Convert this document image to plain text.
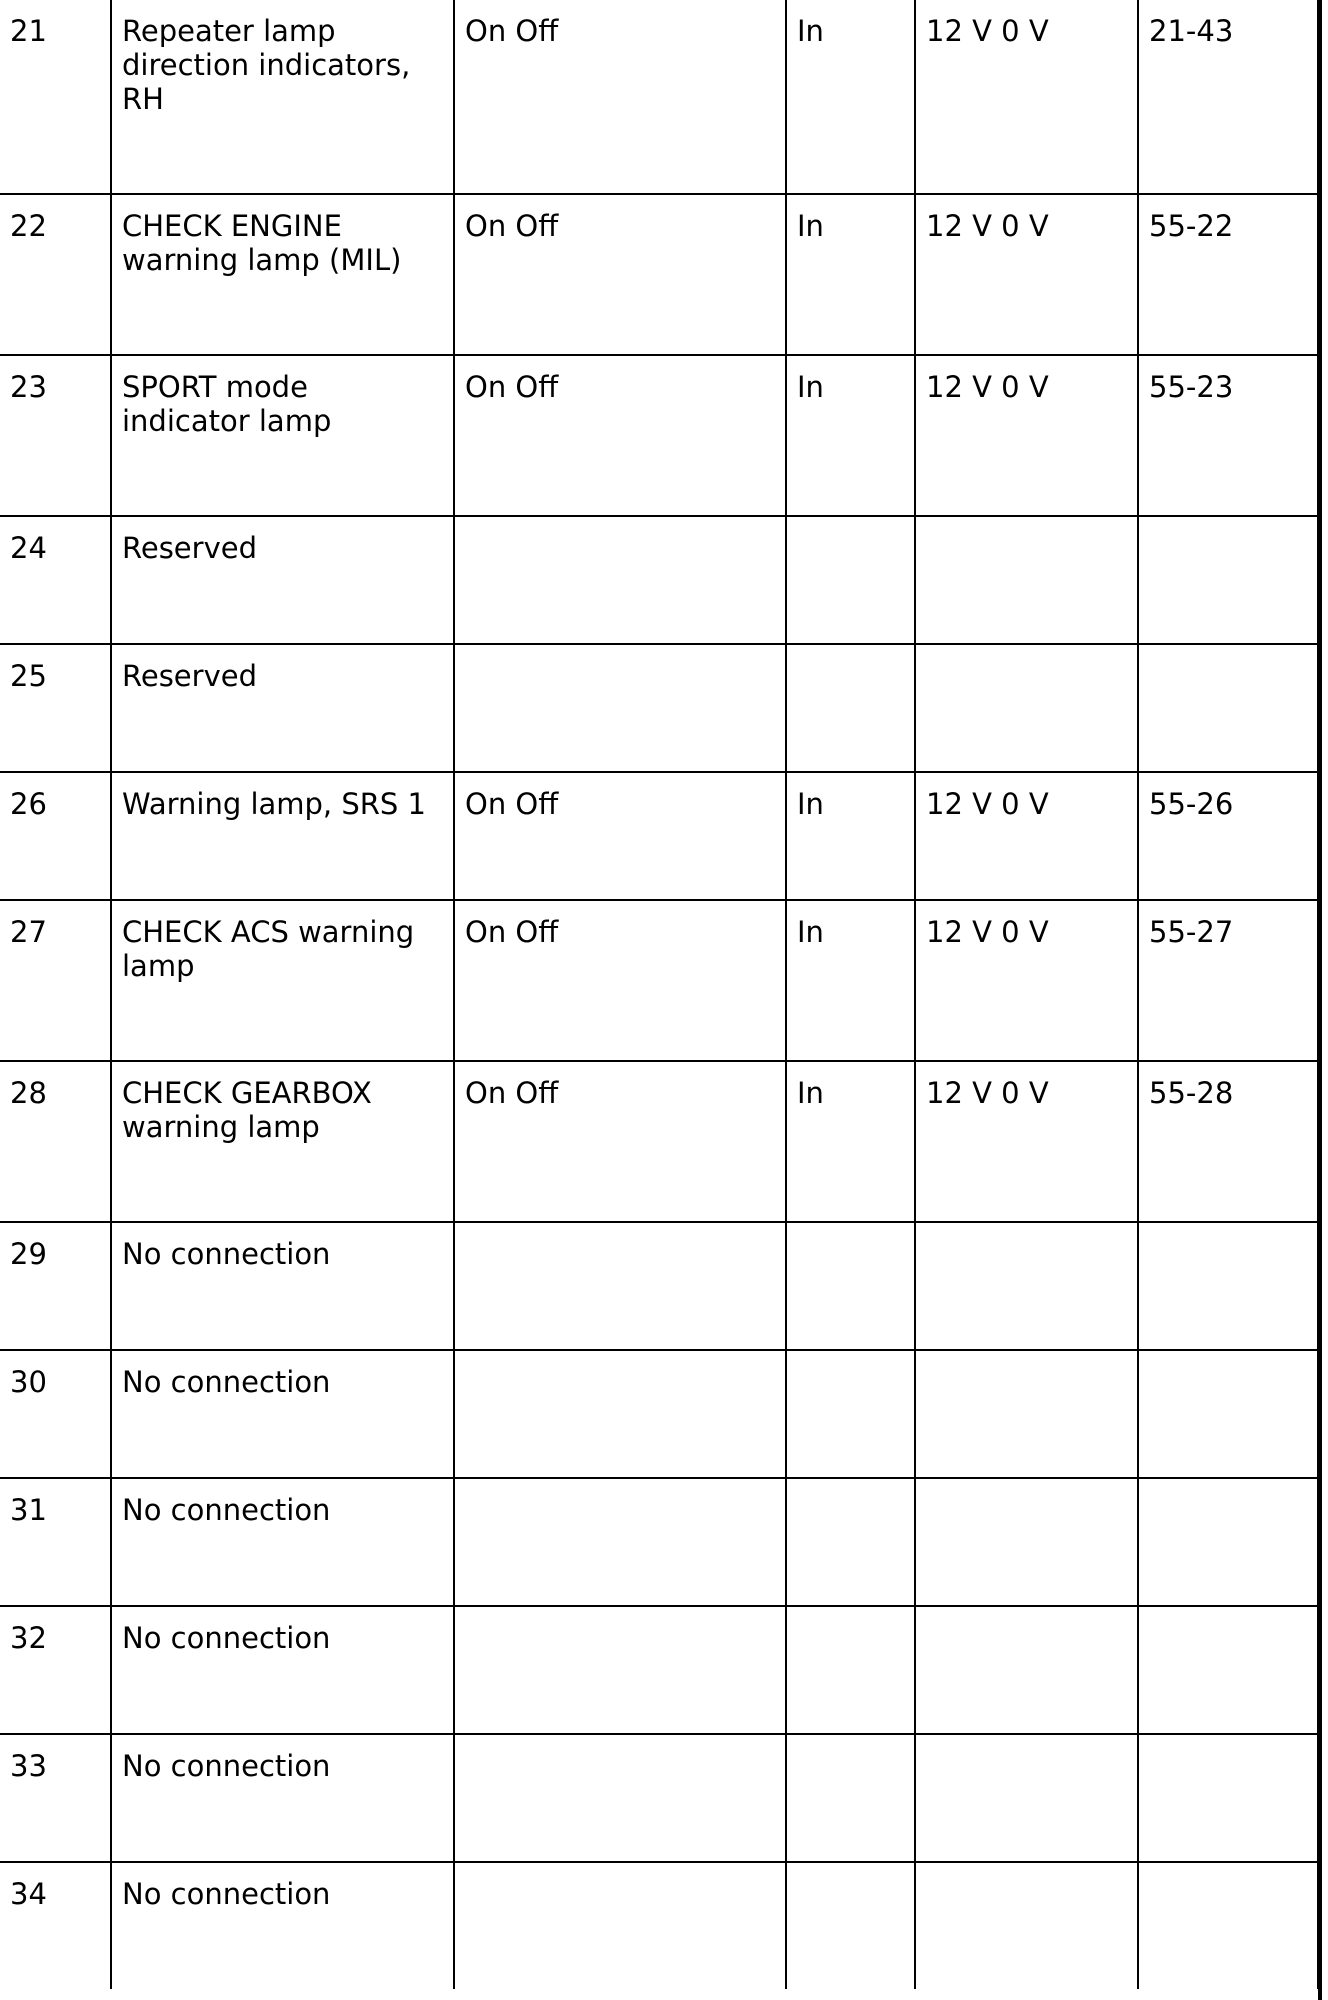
21	Repeater lamp direction indicators, RH	On Off	In	12 V 0 V	21-43
22	CHECK ENGINE warning lamp (MIL)	On Off	In	12 V 0 V	55-22
23	SPORT mode indicator lamp	On Off	In	12 V 0 V	55-23
24	Reserved				
25	Reserved				
26	Warning lamp, SRS 1	On Off	In	12 V 0 V	55-26
27	CHECK ACS warning lamp	On Off	In	12 V 0 V	55-27
28	CHECK GEARBOX warning lamp	On Off	In	12 V 0 V	55-28
29	No connection				
30	No connection				
31	No connection				
32	No connection				
33	No connection				
34	No connection				
